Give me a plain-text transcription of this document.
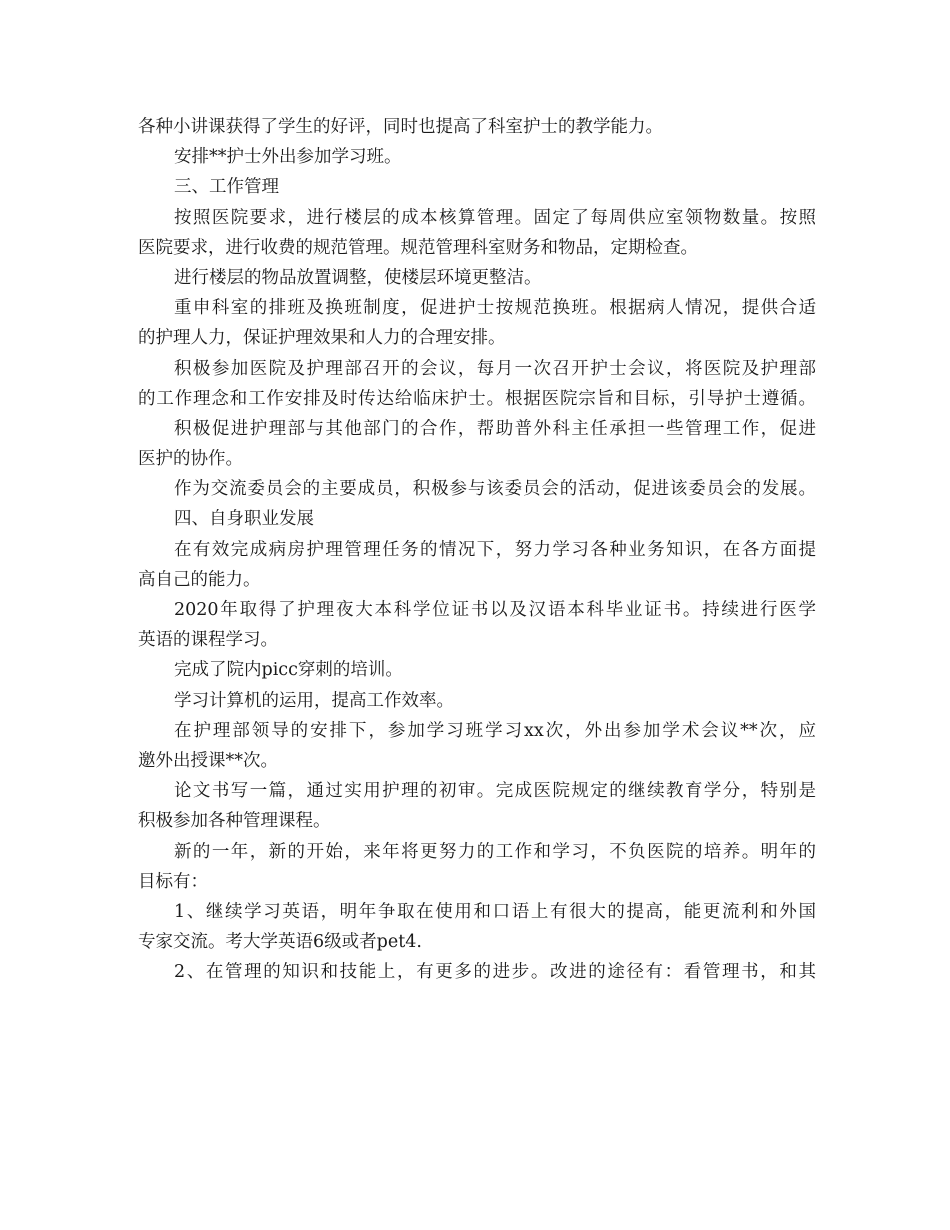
各种小讲课获得了学生的好评，同时也提高了科室护士的教学能力。
安排**护士外出参加学习班。
三、工作管理
按照医院要求，进行楼层的成本核算管理。固定了每周供应室领物数量。按照
医院要求，进行收费的规范管理。规范管理科室财务和物品，定期检查。
进行楼层的物品放置调整，使楼层环境更整洁。
重申科室的排班及换班制度，促进护士按规范换班。根据病人情况，提供合适
的护理人力，保证护理效果和人力的合理安排。
积极参加医院及护理部召开的会议，每月一次召开护士会议，将医院及护理部
的工作理念和工作安排及时传达给临床护士。根据医院宗旨和目标，引导护士遵循。
积极促进护理部与其他部门的合作，帮助普外科主任承担一些管理工作，促进
医护的协作。
作为交流委员会的主要成员，积极参与该委员会的活动，促进该委员会的发展。
四、自身职业发展
在有效完成病房护理管理任务的情况下，努力学习各种业务知识，在各方面提
高自己的能力。
2020年取得了护理夜大本科学位证书以及汉语本科毕业证书。持续进行医学
英语的课程学习。
完成了院内picc穿刺的培训。
学习计算机的运用，提高工作效率。
在护理部领导的安排下，参加学习班学习xx次，外出参加学术会议**次，应
邀外出授课**次。
论文书写一篇，通过实用护理的初审。完成医院规定的继续教育学分，特别是
积极参加各种管理课程。
新的一年，新的开始，来年将更努力的工作和学习，不负医院的培养。明年的
目标有：
1、继续学习英语，明年争取在使用和口语上有很大的提高，能更流利和外国
专家交流。考大学英语6级或者pet4.
2、在管理的知识和技能上，有更多的进步。改进的途径有：看管理书，和其
